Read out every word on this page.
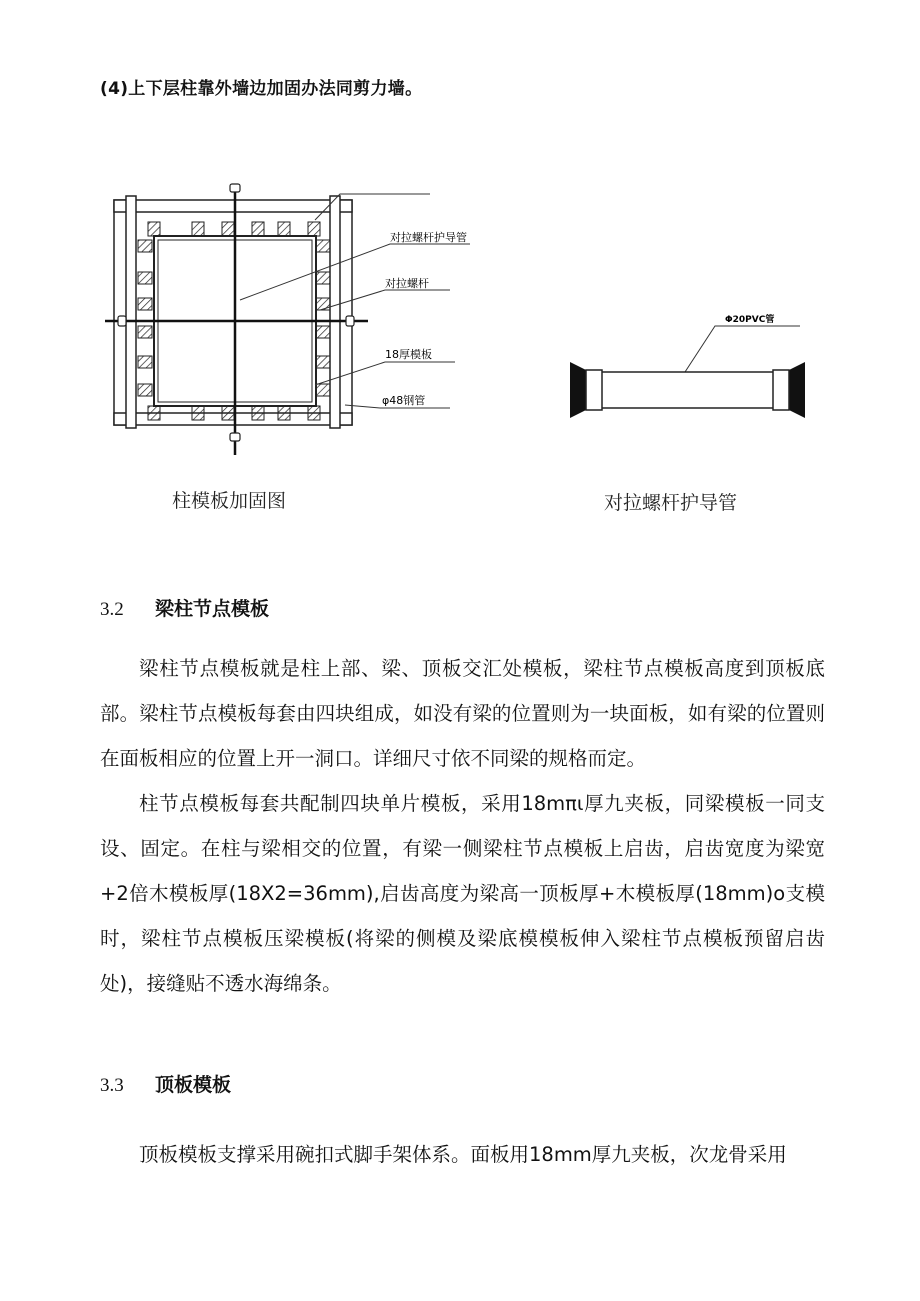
(4)上下层柱靠外墙边加固办法同剪力墙。
对拉螺杆护导管
对拉螺杆
18厚模板
φ48钢管
Φ20PVC管
柱模板加固图	对拉螺杆护导管
3.2 梁柱节点模板

梁柱节点模板就是柱上部、梁、顶板交汇处模板，梁柱节点模板高度到顶板底部。梁柱节点模板每套由四块组成，如没有梁的位置则为一块面板，如有梁的位置则在面板相应的位置上开一洞口。详细尺寸依不同梁的规格而定。

柱节点模板每套共配制四块单片模板，采用18mπι厚九夹板，同梁模板一同支设、固定。在柱与梁相交的位置，有梁一侧梁柱节点模板上启齿，启齿宽度为梁宽+2倍木模板厚(18X2=36mm),启齿高度为梁高一顶板厚+木模板厚(18mm)o支模时，梁柱节点模板压梁模板(将梁的侧模及梁底模模板伸入梁柱节点模板预留启齿处)，接缝贴不透水海绵条。

3.3 顶板模板

顶板模板支撑采用碗扣式脚手架体系。面板用18mm厚九夹板，次龙骨采用
